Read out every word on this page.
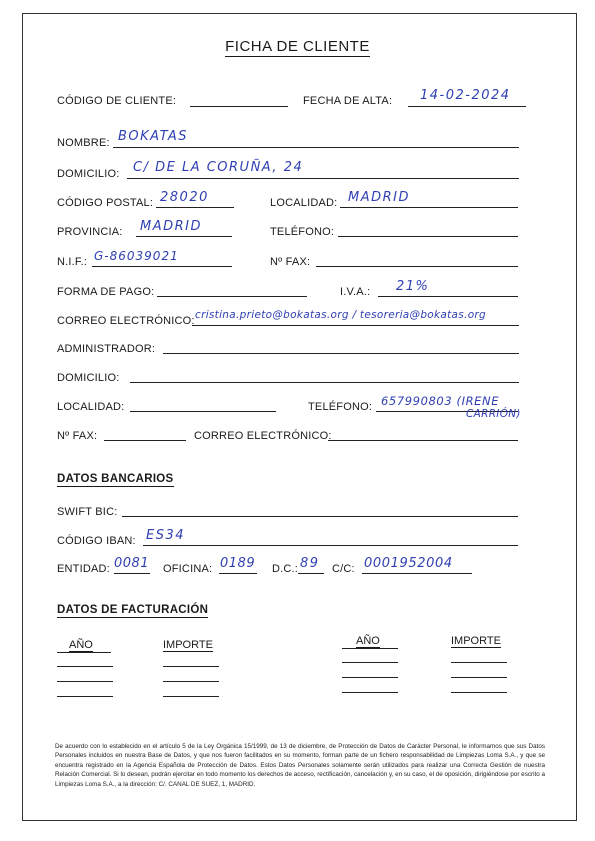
FICHA DE CLIENTE
CÓDIGO DE CLIENTE:	FECHA DE ALTA: 14-02-2024
NOMBRE: BOKATAS
DOMICILIO: C/ DE LA CORUÑA, 24
CÓDIGO POSTAL: 28020	LOCALIDAD: MADRID
PROVINCIA: MADRID	TELÉFONO:
N.I.F.: G-86039021	Nº FAX:
FORMA DE PAGO:	I.V.A.: 21%
CORREO ELECTRÓNICO: cristina.prieto@bokatas.org / tesoreria@bokatas.org
ADMINISTRADOR:
DOMICILIO:
LOCALIDAD:	TELÉFONO: 657990803 (IRENE
CARRIÓN)
Nº FAX:	CORREO ELECTRÓNICO:
DATOS BANCARIOS
SWIFT BIC:
CÓDIGO IBAN: ES34
ENTIDAD: 0081 OFICINA: 0189 D.C.: 89 C/C: 0001952004
DATOS DE FACTURACIÓN
AÑO	IMPORTE	AÑO	IMPORTE
De acuerdo con lo establecido en el artículo 5 de la Ley Orgánica 15/1999, de 13 de diciembre, de Protección de Datos de Carácter Personal, le informamos que sus Datos Personales incluidos en nuestra Base de Datos, y que nos fueron facilitados en su momento, forman parte de un fichero responsabilidad de Limpiezas Loma S.A., y que se encuentra registrado en la Agencia Española de Protección de Datos. Estos Datos Personales solamente serán utilizados para realizar una Correcta Gestión de nuestra Relación Comercial. Si lo desean, podrán ejercitar en todo momento los derechos de acceso, rectificación, cancelación y, en su caso, el de oposición, dirigiéndose por escrito a Limpiezas Loma S.A., a la dirección: C/. CANAL DE SUEZ, 1, MADRID.
